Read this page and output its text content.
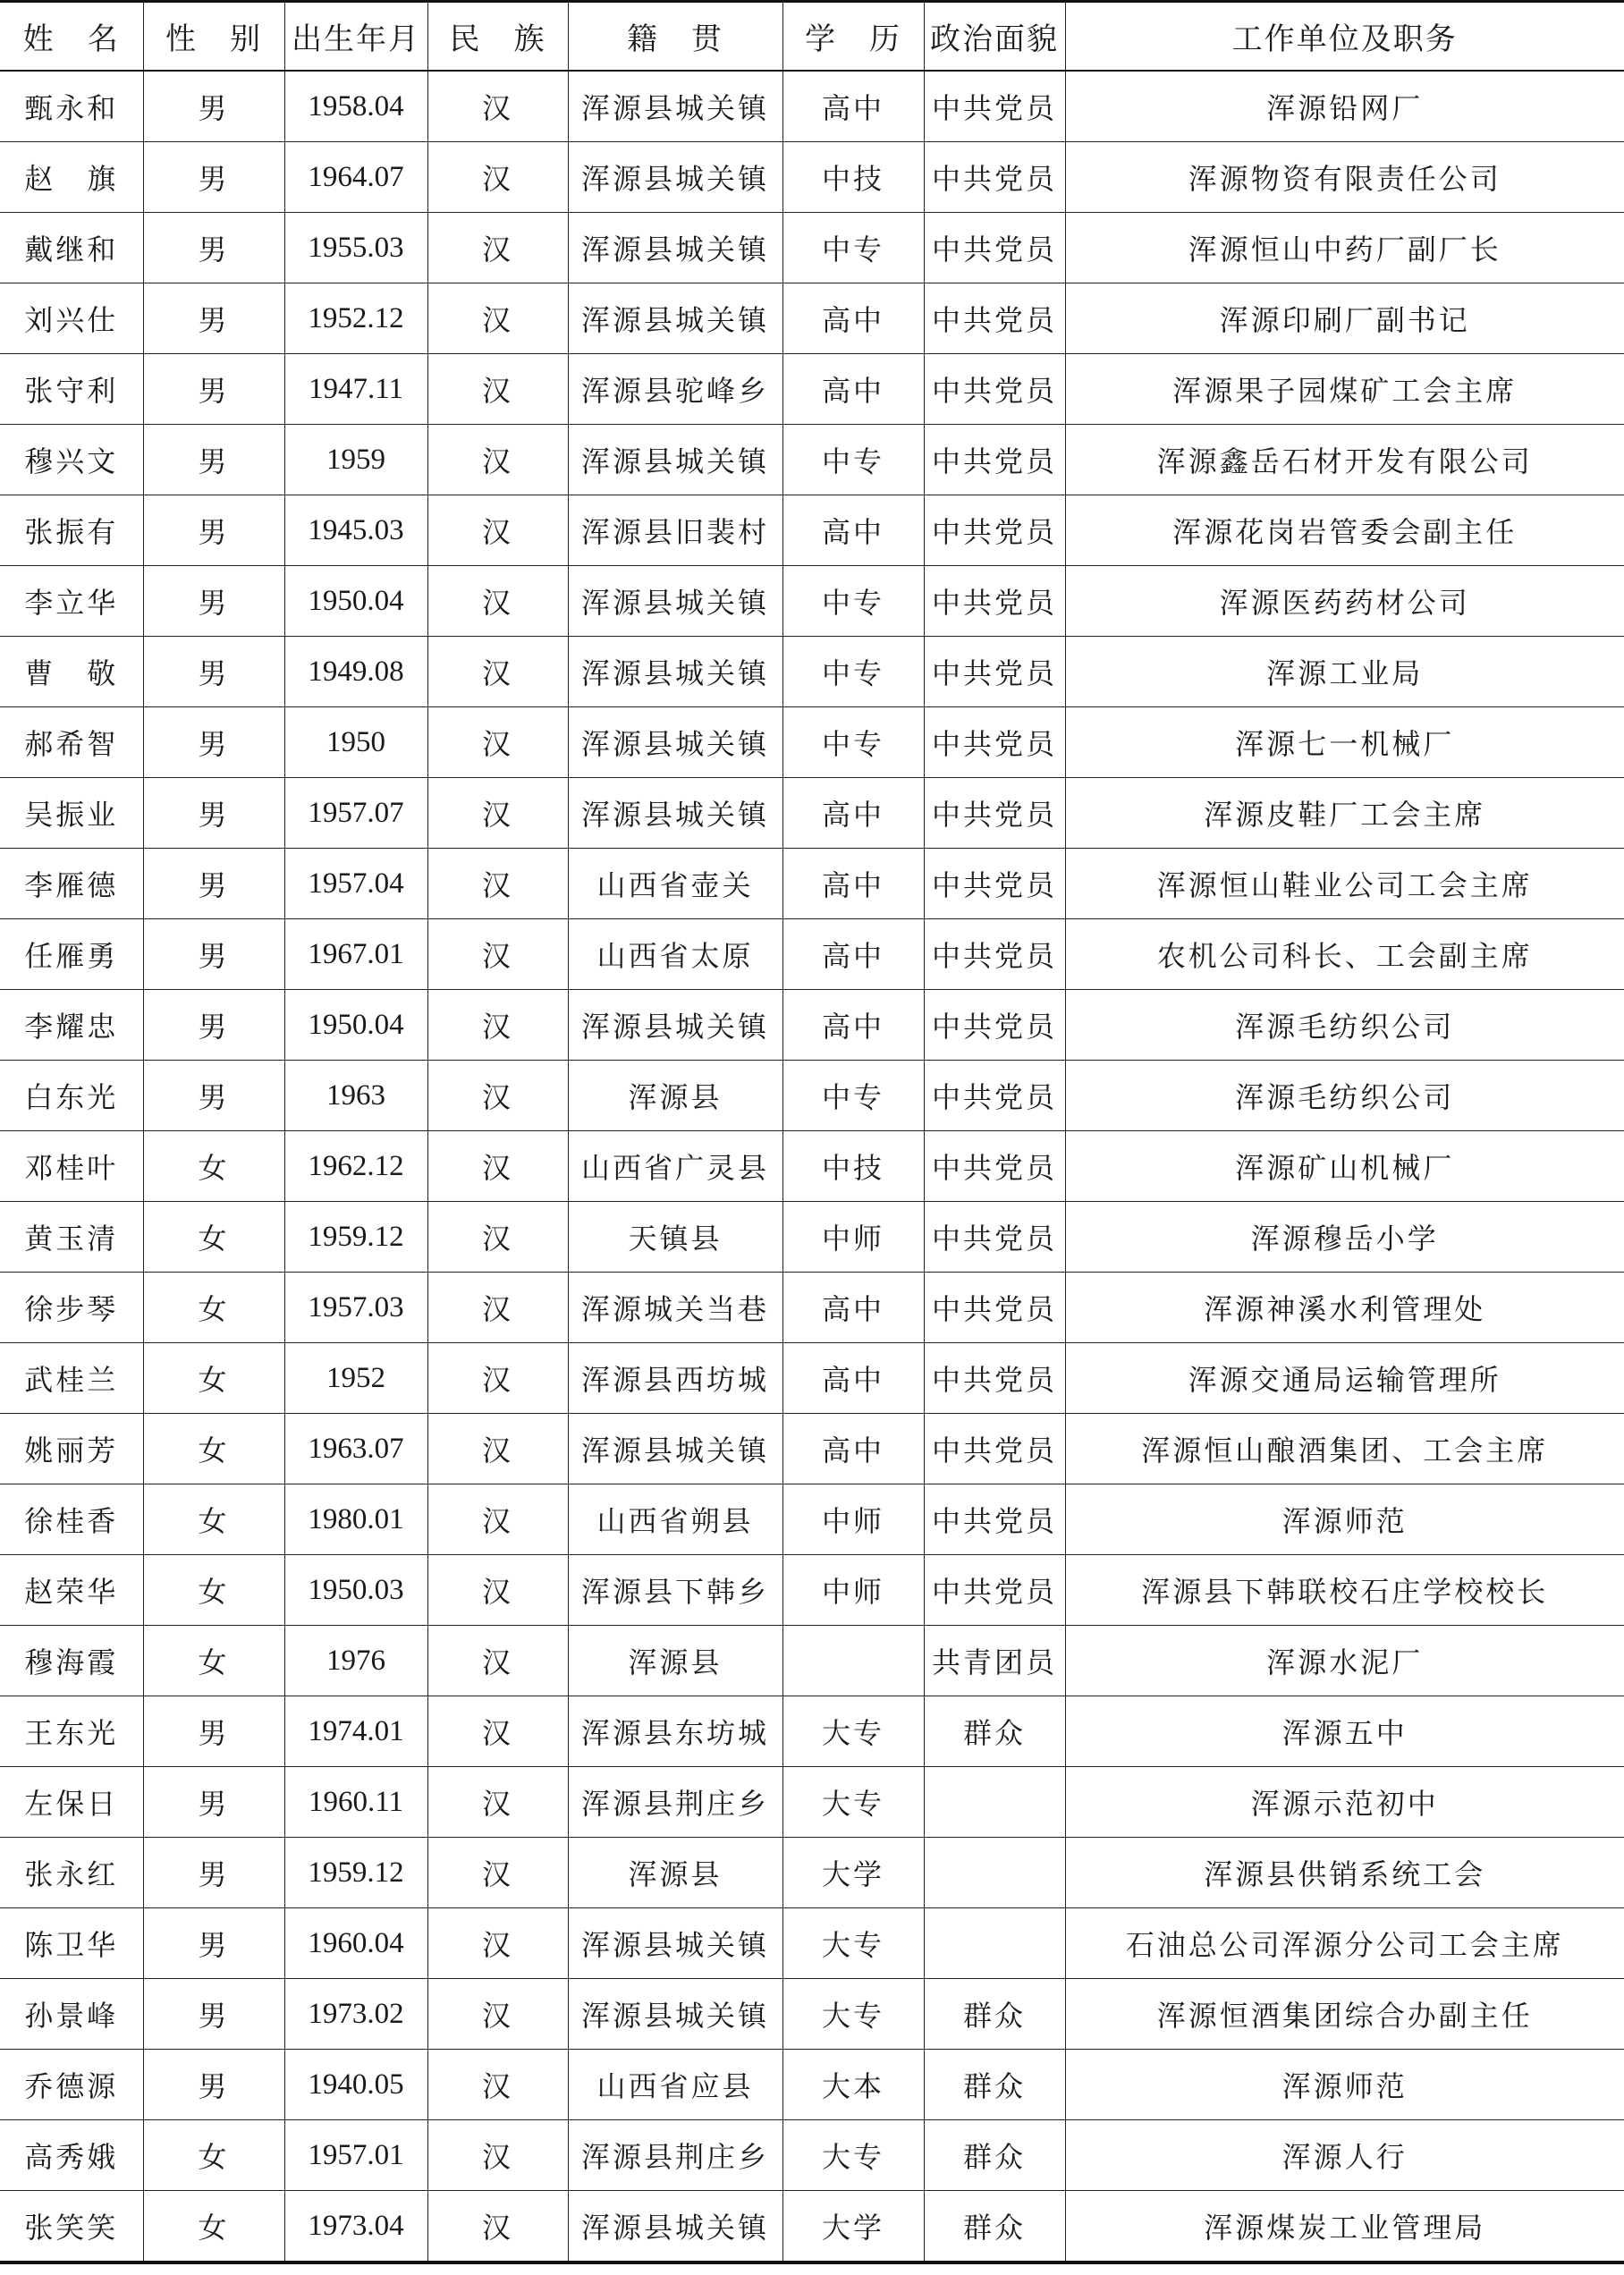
姓　名	性　别	出生年月	民　族	籍　贯	学　历	政治面貌	工作单位及职务
甄永和	男	1958.04	汉	浑源县城关镇	高中	中共党员	浑源铅网厂
赵　旗	男	1964.07	汉	浑源县城关镇	中技	中共党员	浑源物资有限责任公司
戴继和	男	1955.03	汉	浑源县城关镇	中专	中共党员	浑源恒山中药厂副厂长
刘兴仕	男	1952.12	汉	浑源县城关镇	高中	中共党员	浑源印刷厂副书记
张守利	男	1947.11	汉	浑源县驼峰乡	高中	中共党员	浑源果子园煤矿工会主席
穆兴文	男	1959	汉	浑源县城关镇	中专	中共党员	浑源鑫岳石材开发有限公司
张振有	男	1945.03	汉	浑源县旧裴村	高中	中共党员	浑源花岗岩管委会副主任
李立华	男	1950.04	汉	浑源县城关镇	中专	中共党员	浑源医药药材公司
曹　敬	男	1949.08	汉	浑源县城关镇	中专	中共党员	浑源工业局
郝希智	男	1950	汉	浑源县城关镇	中专	中共党员	浑源七一机械厂
吴振业	男	1957.07	汉	浑源县城关镇	高中	中共党员	浑源皮鞋厂工会主席
李雁德	男	1957.04	汉	山西省壶关	高中	中共党员	浑源恒山鞋业公司工会主席
任雁勇	男	1967.01	汉	山西省太原	高中	中共党员	农机公司科长、工会副主席
李耀忠	男	1950.04	汉	浑源县城关镇	高中	中共党员	浑源毛纺织公司
白东光	男	1963	汉	浑源县	中专	中共党员	浑源毛纺织公司
邓桂叶	女	1962.12	汉	山西省广灵县	中技	中共党员	浑源矿山机械厂
黄玉清	女	1959.12	汉	天镇县	中师	中共党员	浑源穆岳小学
徐步琴	女	1957.03	汉	浑源城关当巷	高中	中共党员	浑源神溪水利管理处
武桂兰	女	1952	汉	浑源县西坊城	高中	中共党员	浑源交通局运输管理所
姚丽芳	女	1963.07	汉	浑源县城关镇	高中	中共党员	浑源恒山酿酒集团、工会主席
徐桂香	女	1980.01	汉	山西省朔县	中师	中共党员	浑源师范
赵荣华	女	1950.03	汉	浑源县下韩乡	中师	中共党员	浑源县下韩联校石庄学校校长
穆海霞	女	1976	汉	浑源县		共青团员	浑源水泥厂
王东光	男	1974.01	汉	浑源县东坊城	大专	群众	浑源五中
左保日	男	1960.11	汉	浑源县荆庄乡	大专		浑源示范初中
张永红	男	1959.12	汉	浑源县	大学		浑源县供销系统工会
陈卫华	男	1960.04	汉	浑源县城关镇	大专		石油总公司浑源分公司工会主席
孙景峰	男	1973.02	汉	浑源县城关镇	大专	群众	浑源恒酒集团综合办副主任
乔德源	男	1940.05	汉	山西省应县	大本	群众	浑源师范
高秀娥	女	1957.01	汉	浑源县荆庄乡	大专	群众	浑源人行
张笑笑	女	1973.04	汉	浑源县城关镇	大学	群众	浑源煤炭工业管理局
